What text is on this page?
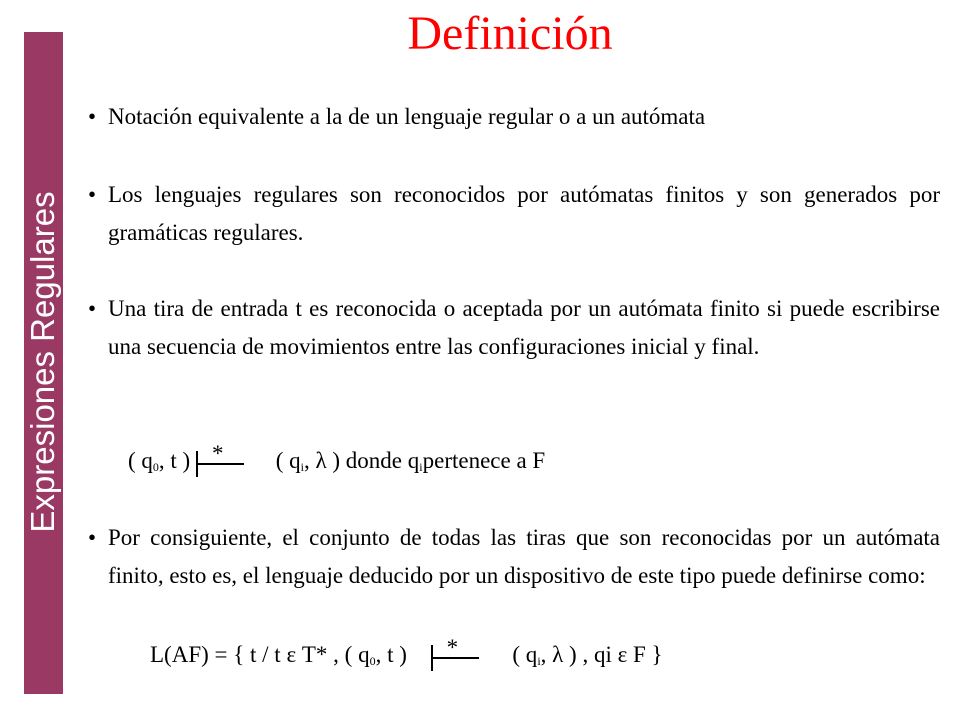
Expresiones Regulares
Definición
• Notación equivalente a la de un lenguaje regular o a un autómata
• Los lenguajes regulares son reconocidos por autómatas finitos y son generados por gramáticas regulares.
• Una tira de entrada t es reconocida o aceptada por un autómata finito si puede escribirse una secuencia de movimientos entre las configuraciones inicial y final.
( $q_0$, t ) * ( $q_i$, λ ) donde $q_ipertenece$ a F
• Por consiguiente, el conjunto de todas las tiras que son reconocidas por un autómata finito, esto es, el lenguaje deducido por un dispositivo de este tipo puede definirse como:
L(AF) = { t / t ε T* , ( $q_0$, t ) * ( $q_i$, λ ) , qi ε F }
